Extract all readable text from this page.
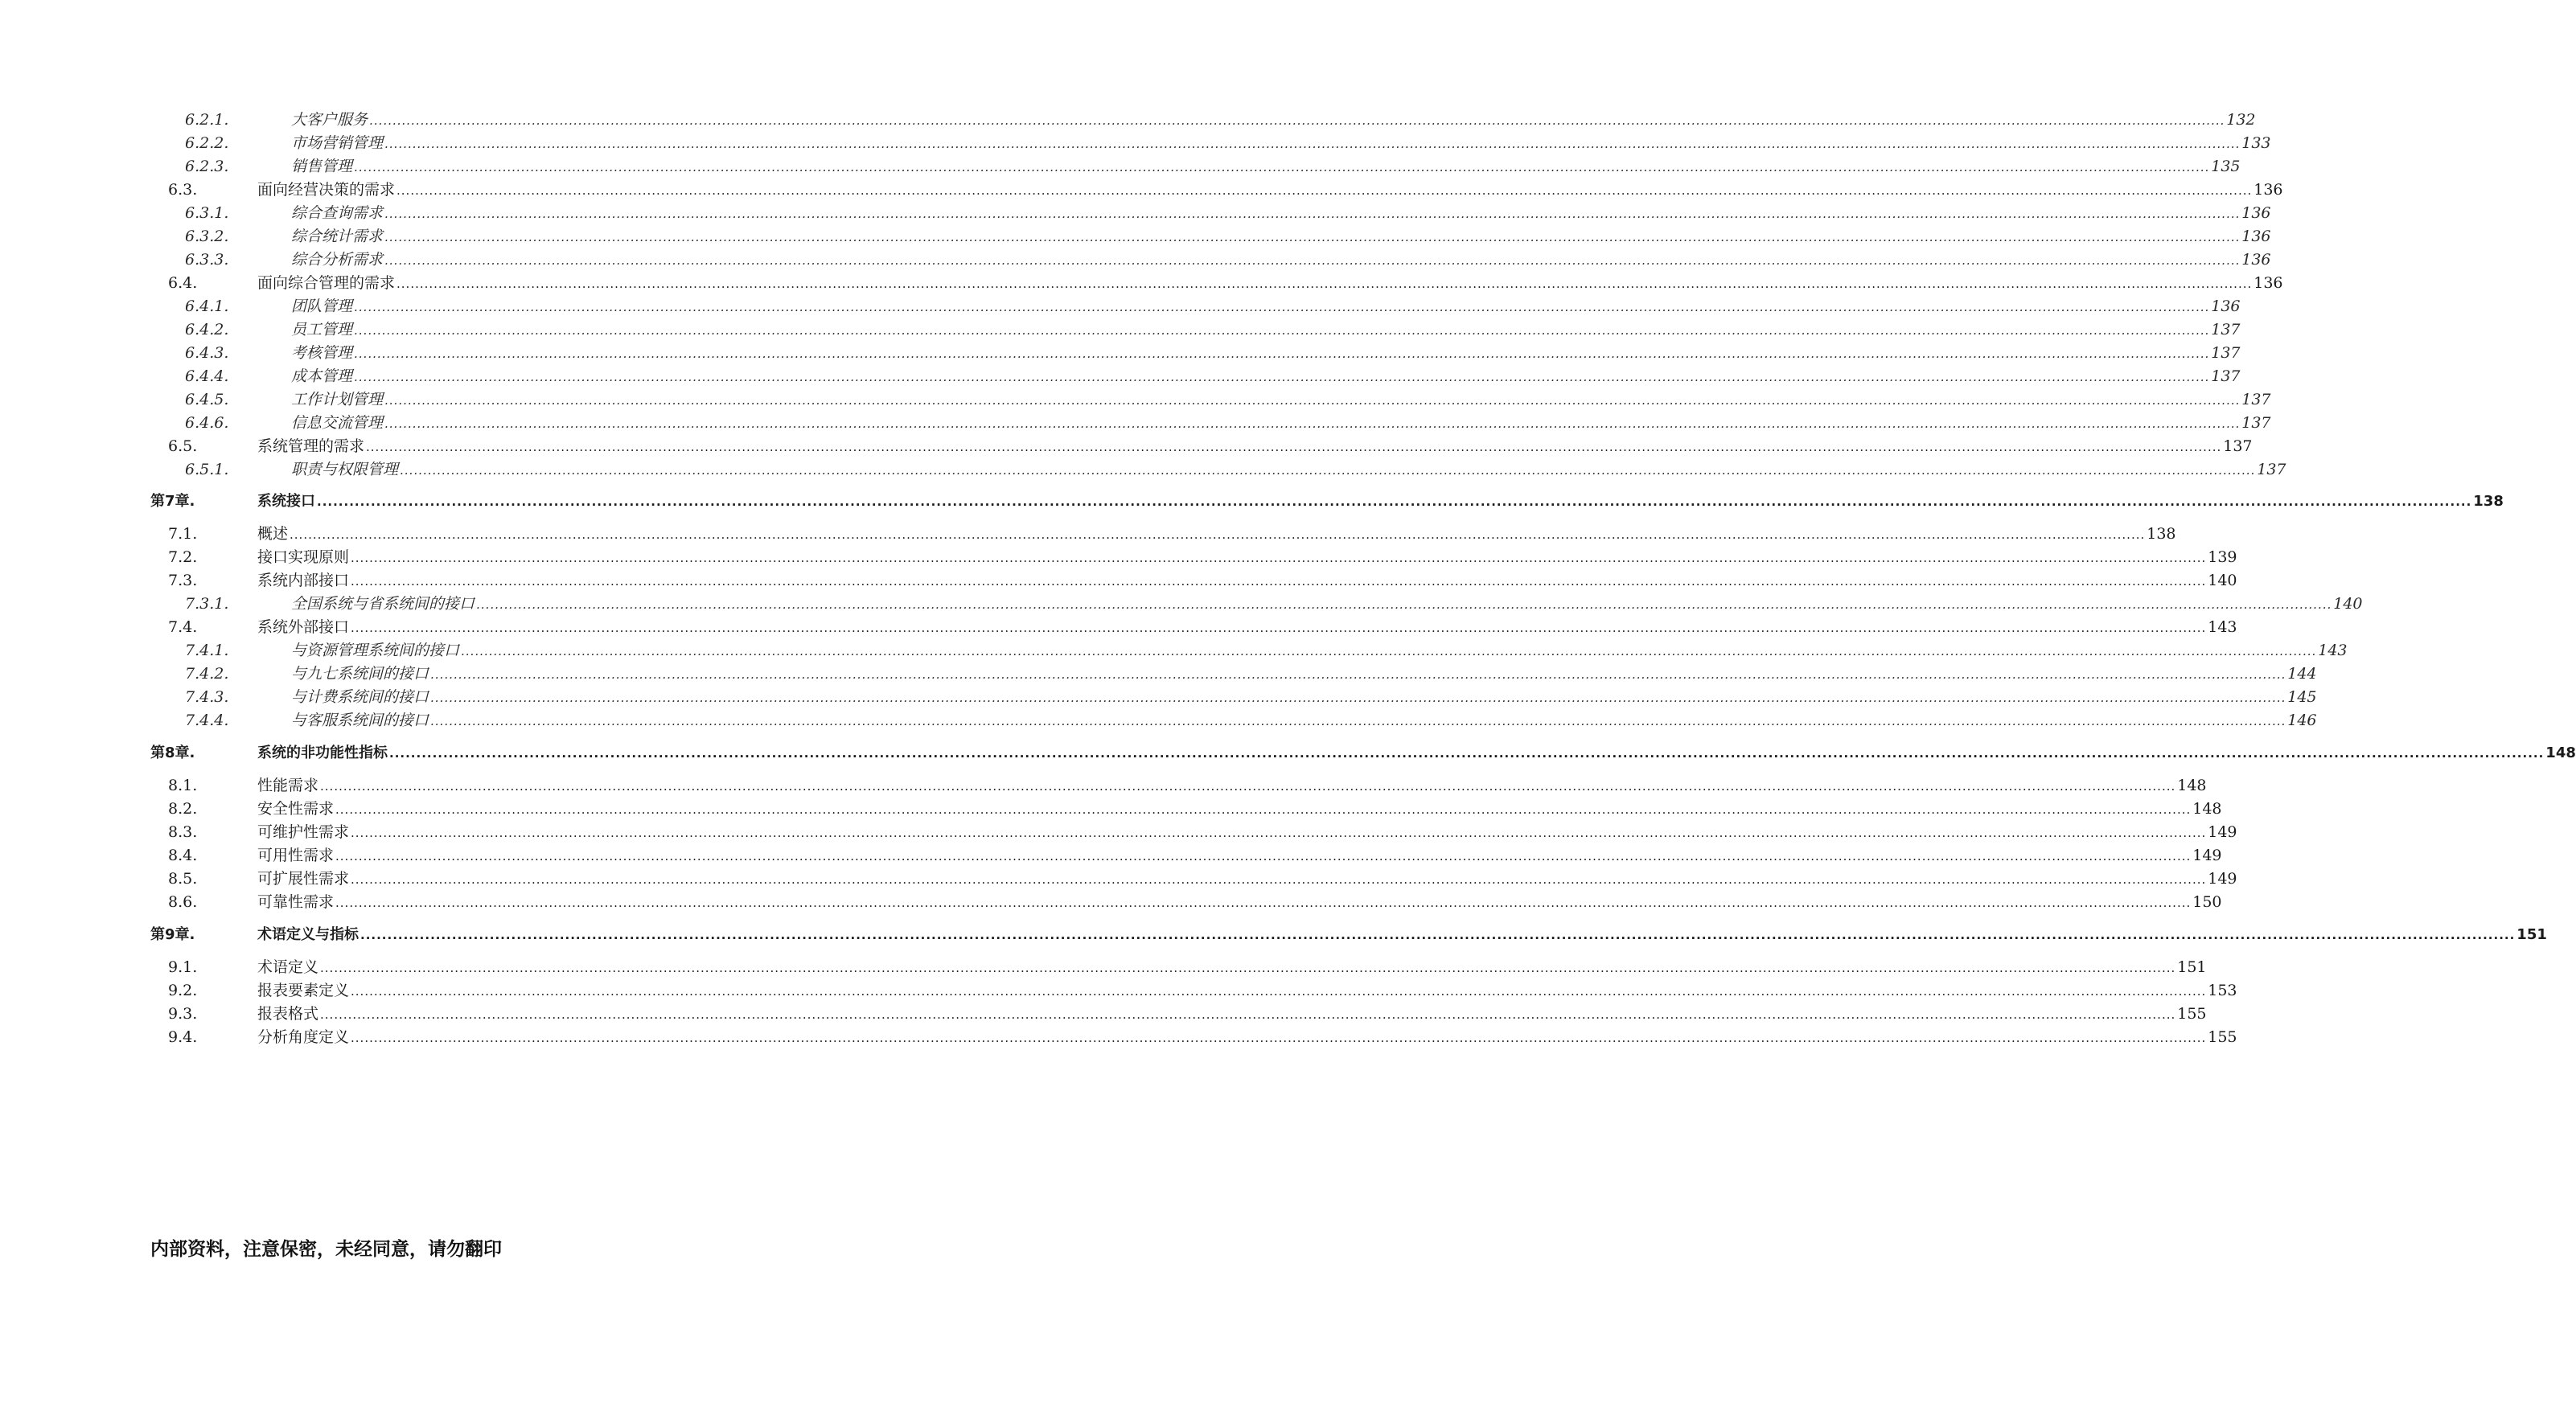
6.2.1.	大客户服务 ................................................................................................................................................................................................................................................................................................................................................................................................................ 132
6.2.2.	市场营销管理 ................................................................................................................................................................................................................................................................................................................................................................................................................ 133
6.2.3.	销售管理 ................................................................................................................................................................................................................................................................................................................................................................................................................ 135
6.3.	面向经营决策的需求 ................................................................................................................................................................................................................................................................................................................................................................................................................ 136
6.3.1.	综合查询需求 ................................................................................................................................................................................................................................................................................................................................................................................................................ 136
6.3.2.	综合统计需求 ................................................................................................................................................................................................................................................................................................................................................................................................................ 136
6.3.3.	综合分析需求 ................................................................................................................................................................................................................................................................................................................................................................................................................ 136
6.4.	面向综合管理的需求 ................................................................................................................................................................................................................................................................................................................................................................................................................ 136
6.4.1.	团队管理 ................................................................................................................................................................................................................................................................................................................................................................................................................ 136
6.4.2.	员工管理 ................................................................................................................................................................................................................................................................................................................................................................................................................ 137
6.4.3.	考核管理 ................................................................................................................................................................................................................................................................................................................................................................................................................ 137
6.4.4.	成本管理 ................................................................................................................................................................................................................................................................................................................................................................................................................ 137
6.4.5.	工作计划管理 ................................................................................................................................................................................................................................................................................................................................................................................................................ 137
6.4.6.	信息交流管理 ................................................................................................................................................................................................................................................................................................................................................................................................................ 137
6.5.	系统管理的需求 ................................................................................................................................................................................................................................................................................................................................................................................................................ 137
6.5.1.	职责与权限管理 ................................................................................................................................................................................................................................................................................................................................................................................................................ 137
第7章.	系统接口 ................................................................................................................................................................................................................................................................................................................................................................................................................ 138
7.1.	概述 ................................................................................................................................................................................................................................................................................................................................................................................................................ 138
7.2.	接口实现原则 ................................................................................................................................................................................................................................................................................................................................................................................................................ 139
7.3.	系统内部接口 ................................................................................................................................................................................................................................................................................................................................................................................................................ 140
7.3.1.	全国系统与省系统间的接口 ................................................................................................................................................................................................................................................................................................................................................................................................................ 140
7.4.	系统外部接口 ................................................................................................................................................................................................................................................................................................................................................................................................................ 143
7.4.1.	与资源管理系统间的接口 ................................................................................................................................................................................................................................................................................................................................................................................................................ 143
7.4.2.	与九七系统间的接口 ................................................................................................................................................................................................................................................................................................................................................................................................................ 144
7.4.3.	与计费系统间的接口 ................................................................................................................................................................................................................................................................................................................................................................................................................ 145
7.4.4.	与客服系统间的接口 ................................................................................................................................................................................................................................................................................................................................................................................................................ 146
第8章.	系统的非功能性指标 ................................................................................................................................................................................................................................................................................................................................................................................................................ 148
8.1.	性能需求 ................................................................................................................................................................................................................................................................................................................................................................................................................ 148
8.2.	安全性需求 ................................................................................................................................................................................................................................................................................................................................................................................................................ 148
8.3.	可维护性需求 ................................................................................................................................................................................................................................................................................................................................................................................................................ 149
8.4.	可用性需求 ................................................................................................................................................................................................................................................................................................................................................................................................................ 149
8.5.	可扩展性需求 ................................................................................................................................................................................................................................................................................................................................................................................................................ 149
8.6.	可靠性需求 ................................................................................................................................................................................................................................................................................................................................................................................................................ 150
第9章.	术语定义与指标 ................................................................................................................................................................................................................................................................................................................................................................................................................ 151
9.1.	术语定义 ................................................................................................................................................................................................................................................................................................................................................................................................................ 151
9.2.	报表要素定义 ................................................................................................................................................................................................................................................................................................................................................................................................................ 153
9.3.	报表格式 ................................................................................................................................................................................................................................................................................................................................................................................................................ 155
9.4.	分析角度定义 ................................................................................................................................................................................................................................................................................................................................................................................................................ 155
内部资料，注意保密，未经同意，请勿翻印
